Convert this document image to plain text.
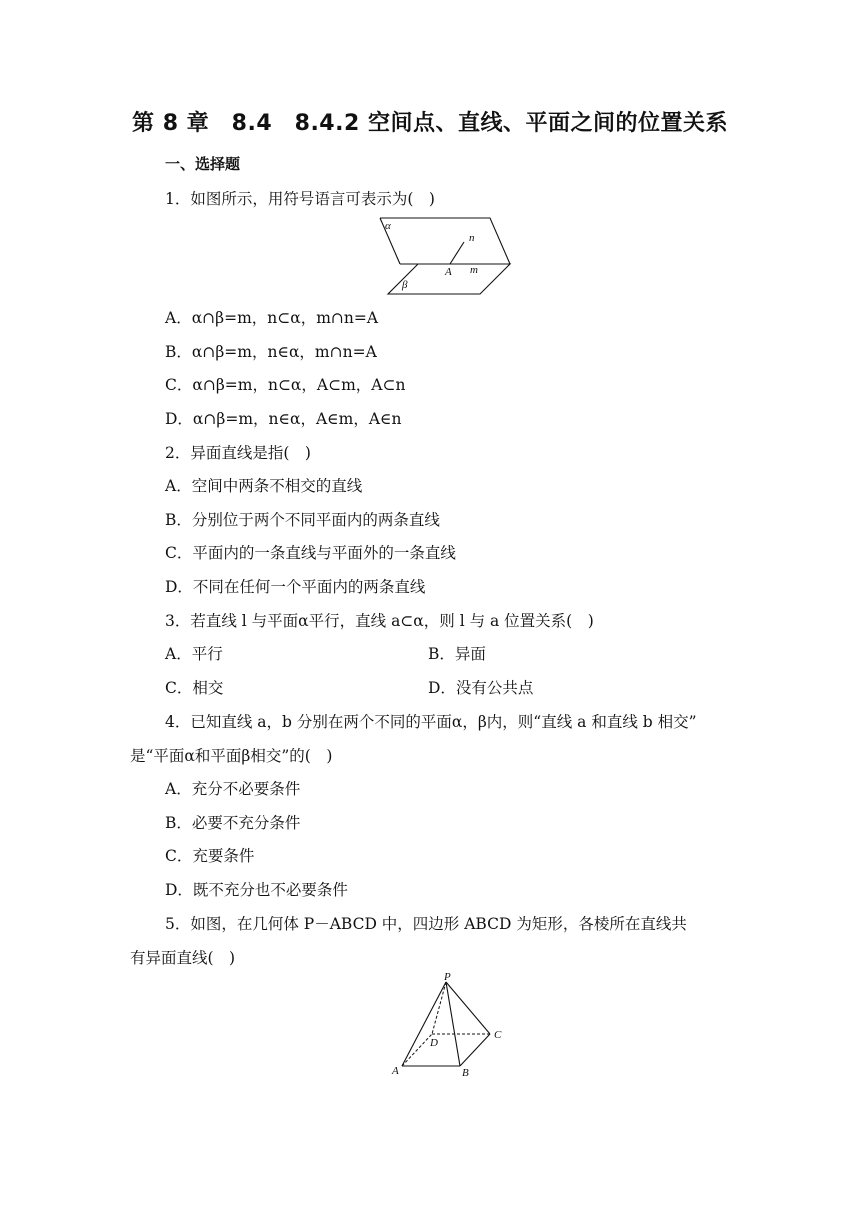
第 8 章　8.4　8.4.2 空间点、直线、平面之间的位置关系
一、选择题
1．如图所示，用符号语言可表示为(　)
α
n
A m
β
A．α∩β=m，n⊂α，m∩n=A
B．α∩β=m，n∈α，m∩n=A
C．α∩β=m，n⊂α，A⊂m，A⊂n
D．α∩β=m，n∈α，A∈m，A∈n
2．异面直线是指(　)
A．空间中两条不相交的直线
B．分别位于两个不同平面内的两条直线
C．平面内的一条直线与平面外的一条直线
D．不同在任何一个平面内的两条直线
3．若直线 l 与平面α平行，直线 a⊂α，则 l 与 a 位置关系(　)
A．平行	B．异面
C．相交	D．没有公共点
4．已知直线 a，b 分别在两个不同的平面α，β内，则“直线 a 和直线 b 相交”
是“平面α和平面β相交”的(　)
A．充分不必要条件
B．必要不充分条件
C．充要条件
D．既不充分也不必要条件
5．如图，在几何体 P－ABCD 中，四边形 ABCD 为矩形，各棱所在直线共
有异面直线(　)
P
D
C
A	B
